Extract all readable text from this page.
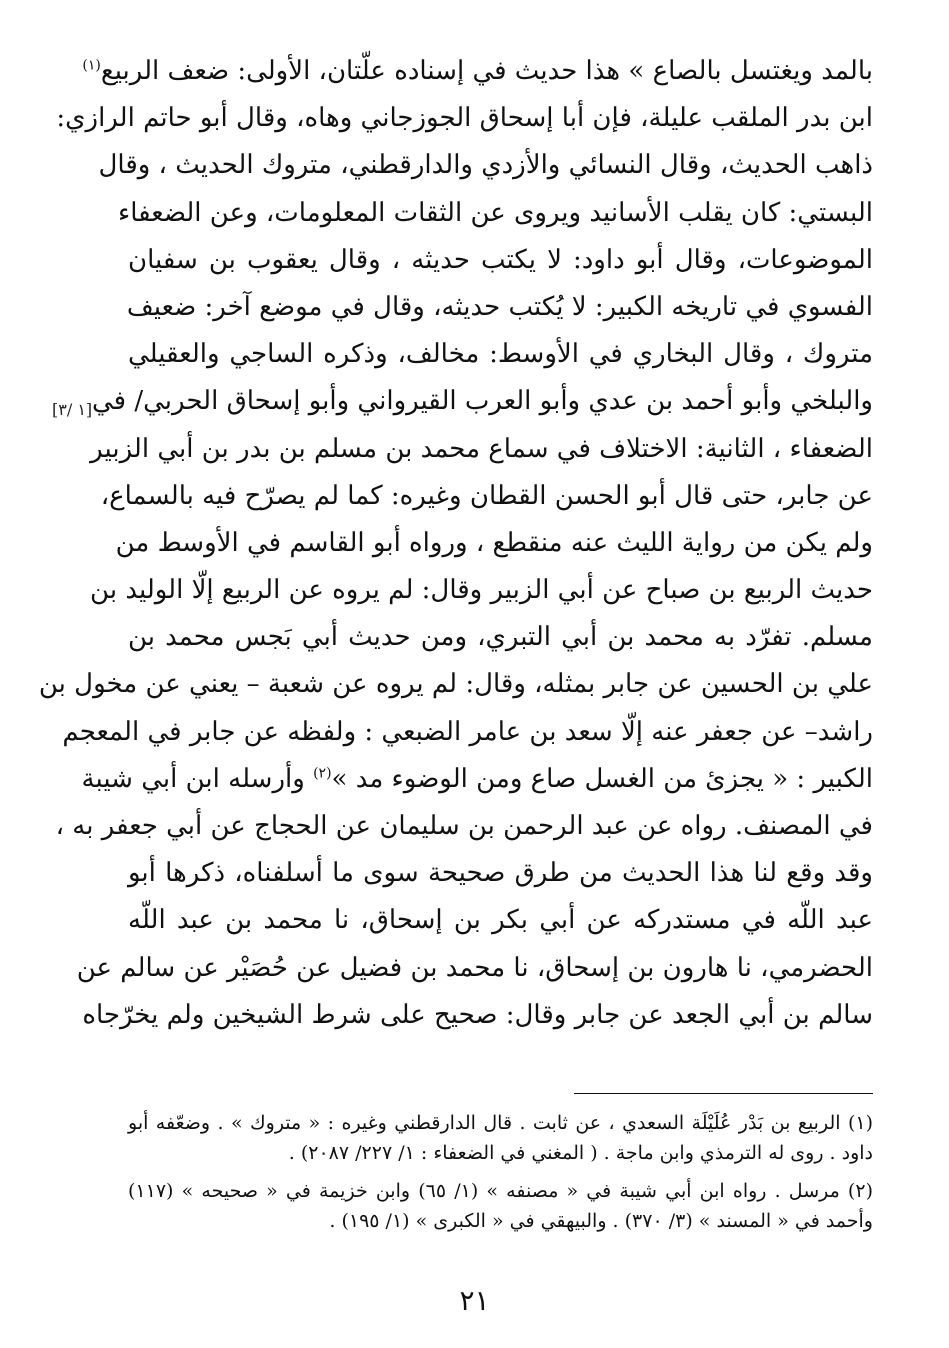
[١ /٣]
بالمد ويغتسل بالصاع » هذا حديث في إسناده علّتان، الأولى: ضعف الربيع$^{(١)}$
ابن بدر الملقب عليلة، فإن أبا إسحاق الجوزجاني وهاه، وقال أبو حاتم الرازي:
ذاهب الحديث، وقال النسائي والأزدي والدارقطني، متروك الحديث ، وقال
البستي: كان يقلب الأسانيد ويروى عن الثقات المعلومات، وعن الضعفاء
الموضوعات، وقال أبو داود: لا يكتب حديثه ، وقال يعقوب بن سفيان
الفسوي في تاريخه الكبير: لا يُكتب حديثه، وقال في موضع آخر: ضعيف
متروك ، وقال البخاري في الأوسط: مخالف، وذكره الساجي والعقيلي
والبلخي وأبو أحمد بن عدي وأبو العرب القيرواني وأبو إسحاق الحربي/ في
الضعفاء ، الثانية: الاختلاف في سماع محمد بن مسلم بن بدر بن أبي الزبير
عن جابر، حتى قال أبو الحسن القطان وغيره: كما لم يصرّح فيه بالسماع،
ولم يكن من رواية الليث عنه منقطع ، ورواه أبو القاسم في الأوسط من
حديث الربيع بن صباح عن أبي الزبير وقال: لم يروه عن الربيع إلّا الوليد بن
مسلم. تفرّد به محمد بن أبي التبري، ومن حديث أبي بَجس محمد بن
علي بن الحسين عن جابر بمثله، وقال: لم يروه عن شعبة – يعني عن مخول بن
راشد– عن جعفر عنه إلّا سعد بن عامر الضبعي : ولفظه عن جابر في المعجم
الكبير : « يجزئ من الغسل صاع ومن الوضوء مد »$^{(٢)}$ وأرسله ابن أبي شيبة
في المصنف. رواه عن عبد الرحمن بن سليمان عن الحجاج عن أبي جعفر به ،
وقد وقع لنا هذا الحديث من طرق صحيحة سوى ما أسلفناه، ذكرها أبو
عبد اللّه في مستدركه عن أبي بكر بن إسحاق، نا محمد بن عبد اللّه
الحضرمي، نا هارون بن إسحاق، نا محمد بن فضيل عن حُصَيْر عن سالم عن
سالم بن أبي الجعد عن جابر وقال: صحيح على شرط الشيخين ولم يخرّجاه
(١) الربيع بن بَدْر عُلَيْلَة السعدي ، عن ثابت . قال الدارقطني وغيره : « متروك » . وضعّفه أبو
داود . روى له الترمذي وابن ماجة . ( المغني في الضعفاء : ١/ ٢٢٧/ ٢٠٨٧) .
(٢) مرسل . رواه ابن أبي شيبة في « مصنفه » (١/ ٦٥) وابن خزيمة في « صحيحه » (١١٧)
وأحمد في « المسند » (٣/ ٣٧٠) . والبيهقي في « الكبرى » (١/ ١٩٥) .
٢١
